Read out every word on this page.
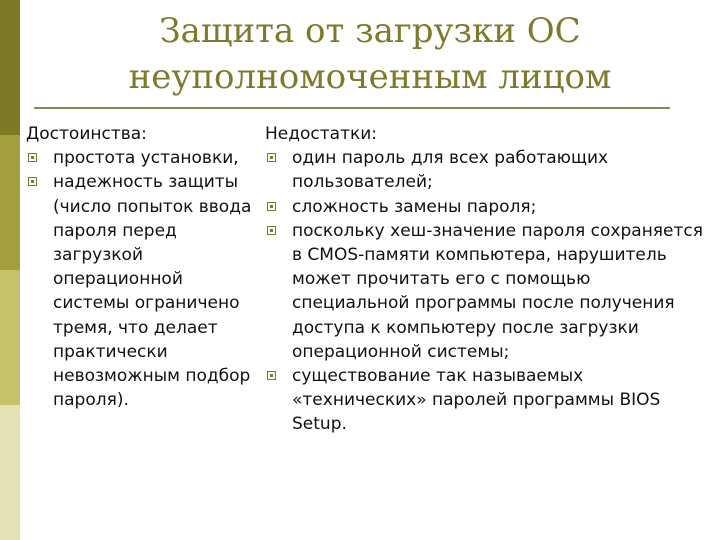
Защита от загрузки ОС
неуполномоченным лицом
Достоинства:
простота установки,
надежность защиты (число попыток ввода пароля перед загрузкой операционной системы ограничено тремя, что делает практически невозможным подбор пароля).
Недостатки:
один пароль для всех работающих пользователей;
сложность замены пароля;
поскольку хеш-значение пароля сохраняется в CMOS-памяти компьютера, нарушитель может прочитать его с помощью специальной программы после получения доступа к компьютеру после загрузки операционной системы;
существование так называемых «технических» паролей программы BIOS Setup.
